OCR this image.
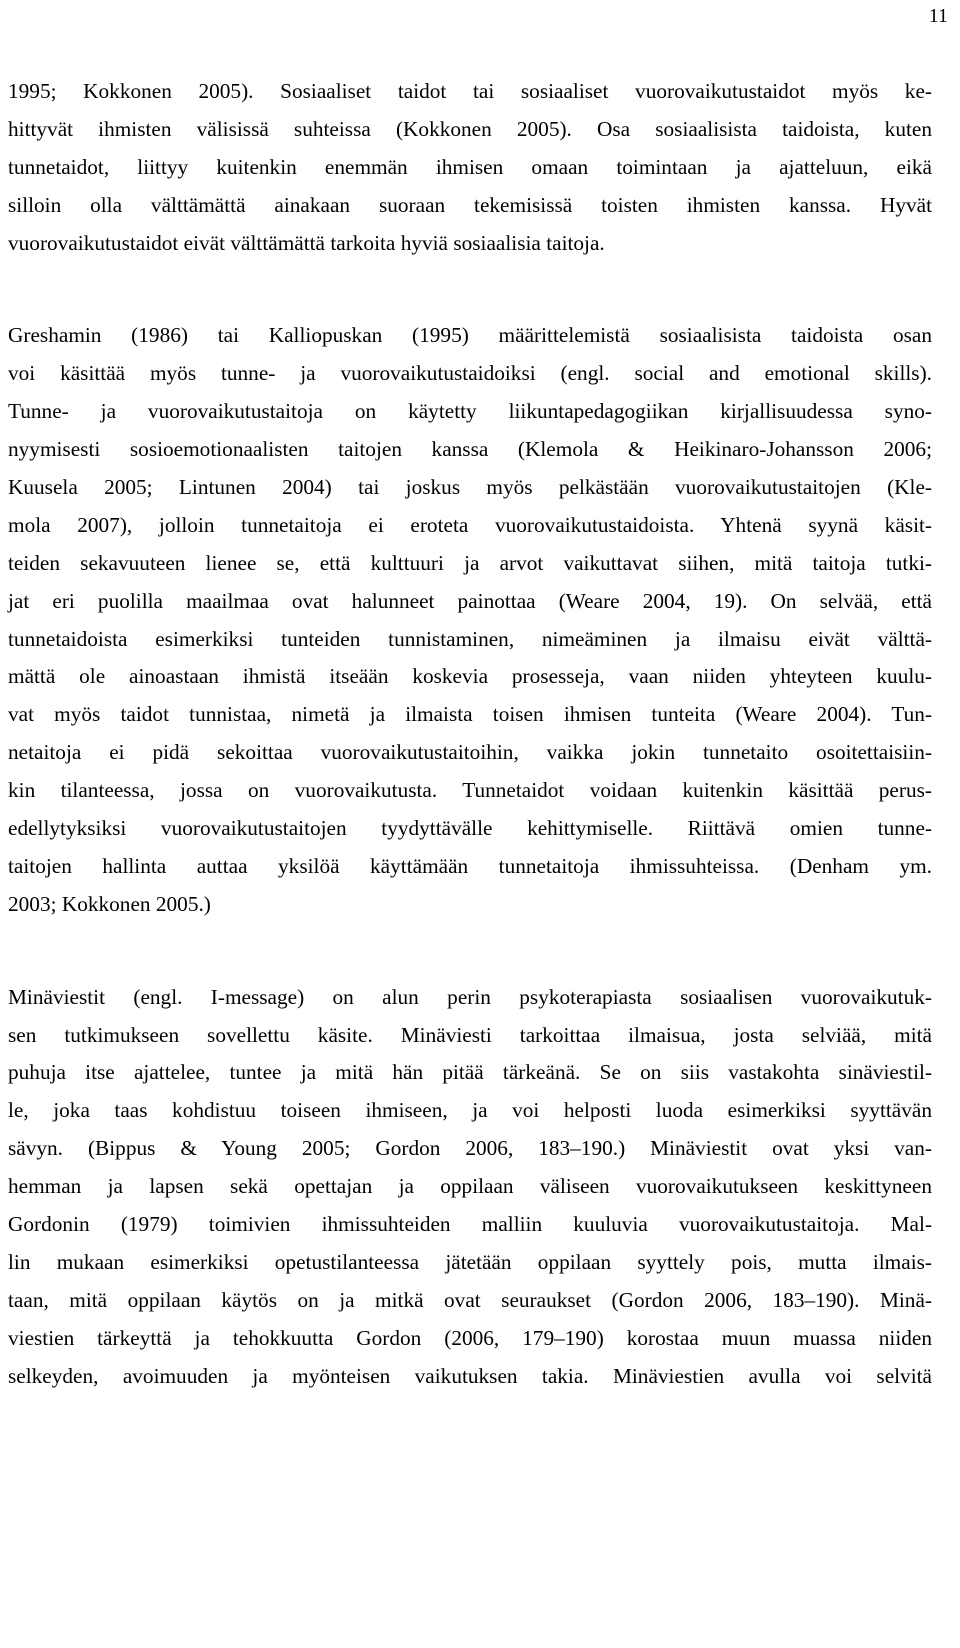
11
1995; Kokkonen 2005). Sosiaaliset taidot tai sosiaaliset vuorovaikutustaidot myös ke-
hittyvät ihmisten välisissä suhteissa (Kokkonen 2005). Osa sosiaalisista taidoista, kuten
tunnetaidot, liittyy kuitenkin enemmän ihmisen omaan toimintaan ja ajatteluun, eikä
silloin olla välttämättä ainakaan suoraan tekemisissä toisten ihmisten kanssa. Hyvät
vuorovaikutustaidot eivät välttämättä tarkoita hyviä sosiaalisia taitoja.
Greshamin (1986) tai Kalliopuskan (1995) määrittelemistä sosiaalisista taidoista osan
voi käsittää myös tunne- ja vuorovaikutustaidoiksi (engl. social and emotional skills).
Tunne- ja vuorovaikutustaitoja on käytetty liikuntapedagogiikan kirjallisuudessa syno-
nyymisesti sosioemotionaalisten taitojen kanssa (Klemola & Heikinaro-Johansson 2006;
Kuusela 2005; Lintunen 2004) tai joskus myös pelkästään vuorovaikutustaitojen (Kle-
mola 2007), jolloin tunnetaitoja ei eroteta vuorovaikutustaidoista. Yhtenä syynä käsit-
teiden sekavuuteen lienee se, että kulttuuri ja arvot vaikuttavat siihen, mitä taitoja tutki-
jat eri puolilla maailmaa ovat halunneet painottaa (Weare 2004, 19). On selvää, että
tunnetaidoista esimerkiksi tunteiden tunnistaminen, nimeäminen ja ilmaisu eivät välttä-
mättä ole ainoastaan ihmistä itseään koskevia prosesseja, vaan niiden yhteyteen kuulu-
vat myös taidot tunnistaa, nimetä ja ilmaista toisen ihmisen tunteita (Weare 2004). Tun-
netaitoja ei pidä sekoittaa vuorovaikutustaitoihin, vaikka jokin tunnetaito osoitettaisiin-
kin tilanteessa, jossa on vuorovaikutusta. Tunnetaidot voidaan kuitenkin käsittää perus-
edellytyksiksi vuorovaikutustaitojen tyydyttävälle kehittymiselle. Riittävä omien tunne-
taitojen hallinta auttaa yksilöä käyttämään tunnetaitoja ihmissuhteissa. (Denham ym.
2003; Kokkonen 2005.)
Minäviestit (engl. I-message) on alun perin psykoterapiasta sosiaalisen vuorovaikutuk-
sen tutkimukseen sovellettu käsite. Minäviesti tarkoittaa ilmaisua, josta selviää, mitä
puhuja itse ajattelee, tuntee ja mitä hän pitää tärkeänä. Se on siis vastakohta sinäviestil-
le, joka taas kohdistuu toiseen ihmiseen, ja voi helposti luoda esimerkiksi syyttävän
sävyn. (Bippus & Young 2005; Gordon 2006, 183–190.) Minäviestit ovat yksi van-
hemman ja lapsen sekä opettajan ja oppilaan väliseen vuorovaikutukseen keskittyneen
Gordonin (1979) toimivien ihmissuhteiden malliin kuuluvia vuorovaikutustaitoja. Mal-
lin mukaan esimerkiksi opetustilanteessa jätetään oppilaan syyttely pois, mutta ilmais-
taan, mitä oppilaan käytös on ja mitkä ovat seuraukset (Gordon 2006, 183–190). Minä-
viestien tärkeyttä ja tehokkuutta Gordon (2006, 179–190) korostaa muun muassa niiden
selkeyden, avoimuuden ja myönteisen vaikutuksen takia. Minäviestien avulla voi selvitä
